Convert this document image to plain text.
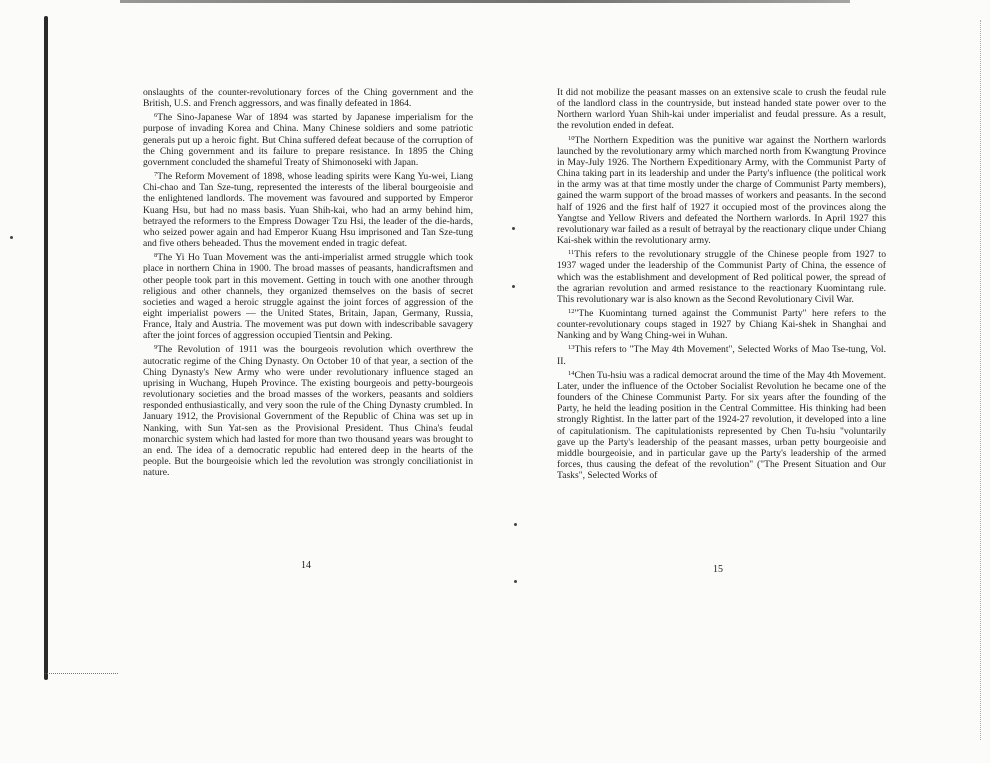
onslaughts of the counter-revolutionary forces of the Ching government and the British, U.S. and French aggressors, and was finally defeated in 1864.

$^6$The Sino-Japanese War of 1894 was started by Japanese imperialism for the purpose of invading Korea and China. Many Chinese soldiers and some patriotic generals put up a heroic fight. But China suffered defeat because of the corruption of the Ching government and its failure to prepare resistance. In 1895 the Ching government concluded the shameful Treaty of Shimonoseki with Japan.

$^7$The Reform Movement of 1898, whose leading spirits were Kang Yu-wei, Liang Chi-chao and Tan Sze-tung, represented the interests of the liberal bourgeoisie and the enlightened landlords. The movement was favoured and supported by Emperor Kuang Hsu, but had no mass basis. Yuan Shih-kai, who had an army behind him, betrayed the reformers to the Empress Dowager Tzu Hsi, the leader of the die-hards, who seized power again and had Emperor Kuang Hsu imprisoned and Tan Sze-tung and five others beheaded. Thus the movement ended in tragic defeat.

$^8$The Yi Ho Tuan Movement was the anti-imperialist armed struggle which took place in northern China in 1900. The broad masses of peasants, handicraftsmen and other people took part in this movement. Getting in touch with one another through religious and other channels, they organized themselves on the basis of secret societies and waged a heroic struggle against the joint forces of aggression of the eight imperialist powers — the United States, Britain, Japan, Germany, Russia, France, Italy and Austria. The movement was put down with indescribable savagery after the joint forces of aggression occupied Tientsin and Peking.

$^9$The Revolution of 1911 was the bourgeois revolution which overthrew the autocratic regime of the Ching Dynasty. On October 10 of that year, a section of the Ching Dynasty's New Army who were under revolutionary influence staged an uprising in Wuchang, Hupeh Province. The existing bourgeois and petty-bourgeois revolutionary societies and the broad masses of the workers, peasants and soldiers responded enthusiastically, and very soon the rule of the Ching Dynasty crumbled. In January 1912, the Provisional Government of the Republic of China was set up in Nanking, with Sun Yat-sen as the Provisional President. Thus China's feudal monarchic system which had lasted for more than two thousand years was brought to an end. The idea of a democratic republic had entered deep in the hearts of the people. But the bourgeoisie which led the revolution was strongly conciliationist in nature.

14

It did not mobilize the peasant masses on an extensive scale to crush the feudal rule of the landlord class in the countryside, but instead handed state power over to the Northern warlord Yuan Shih-kai under imperialist and feudal pressure. As a result, the revolution ended in defeat.

$^{10}$The Northern Expedition was the punitive war against the Northern warlords launched by the revolutionary army which marched north from Kwangtung Province in May-July 1926. The Northern Expeditionary Army, with the Communist Party of China taking part in its leadership and under the Party's influence (the political work in the army was at that time mostly under the charge of Communist Party members), gained the warm support of the broad masses of workers and peasants. In the second half of 1926 and the first half of 1927 it occupied most of the provinces along the Yangtse and Yellow Rivers and defeated the Northern warlords. In April 1927 this revolutionary war failed as a result of betrayal by the reactionary clique under Chiang Kai-shek within the revolutionary army.

$^{11}$This refers to the revolutionary struggle of the Chinese people from 1927 to 1937 waged under the leadership of the Communist Party of China, the essence of which was the establishment and development of Red political power, the spread of the agrarian revolution and armed resistance to the reactionary Kuomintang rule. This revolutionary war is also known as the Second Revolutionary Civil War.

$^{12}$"The Kuomintang turned against the Communist Party" here refers to the counter-revolutionary coups staged in 1927 by Chiang Kai-shek in Shanghai and Nanking and by Wang Ching-wei in Wuhan.

$^{13}$This refers to "The May 4th Movement", Selected Works of Mao Tse-tung, Vol. II.

$^{14}$Chen Tu-hsiu was a radical democrat around the time of the May 4th Movement. Later, under the influence of the October Socialist Revolution he became one of the founders of the Chinese Communist Party. For six years after the founding of the Party, he held the leading position in the Central Committee. His thinking had been strongly Rightist. In the latter part of the 1924-27 revolution, it developed into a line of capitulationism. The capitulationists represented by Chen Tu-hsiu "voluntarily gave up the Party's leadership of the peasant masses, urban petty bourgeoisie and middle bourgeoisie, and in particular gave up the Party's leadership of the armed forces, thus causing the defeat of the revolution" ("The Present Situation and Our Tasks", Selected Works of

15
